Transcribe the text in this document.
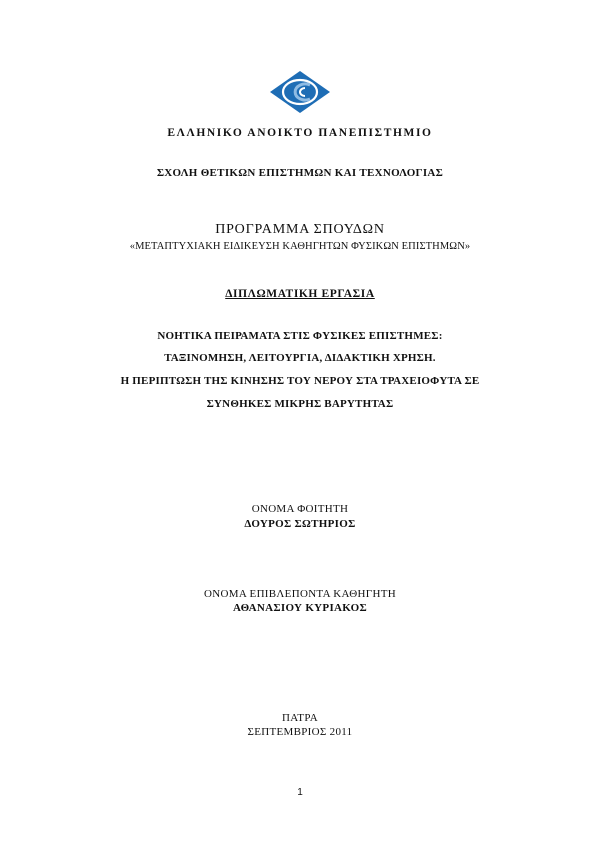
ΕΛΛΗΝΙΚΟ ΑΝΟΙΚΤΟ ΠΑΝΕΠΙΣΤΗΜΙΟ
ΣΧΟΛΗ ΘΕΤΙΚΩΝ ΕΠΙΣΤΗΜΩΝ ΚΑΙ ΤΕΧΝΟΛΟΓΙΑΣ
ΠΡΟΓΡΑΜΜΑ ΣΠΟΥΔΩΝ
«ΜΕΤΑΠΤΥΧΙΑΚΗ ΕΙΔΙΚΕΥΣΗ ΚΑΘΗΓΗΤΩΝ ΦΥΣΙΚΩΝ ΕΠΙΣΤΗΜΩΝ»
ΔΙΠΛΩΜΑΤΙΚΗ ΕΡΓΑΣΙΑ
ΝΟΗΤΙΚΑ ΠΕΙΡΑΜΑΤΑ ΣΤΙΣ ΦΥΣΙΚΕΣ ΕΠΙΣΤΗΜΕΣ:
ΤΑΞΙΝΟΜΗΣΗ, ΛΕΙΤΟΥΡΓΙΑ, ΔΙΔΑΚΤΙΚΗ ΧΡΗΣΗ.
Η ΠΕΡΙΠΤΩΣΗ ΤΗΣ ΚΙΝΗΣΗΣ ΤΟΥ ΝΕΡΟΥ ΣΤΑ ΤΡΑΧΕΙΟΦΥΤΑ ΣΕ
ΣΥΝΘΗΚΕΣ ΜΙΚΡΗΣ ΒΑΡΥΤΗΤΑΣ
ΟΝΟΜΑ ΦΟΙΤΗΤΗ
ΔΟΥΡΟΣ ΣΩΤΗΡΙΟΣ
ΟΝΟΜΑ ΕΠΙΒΛΕΠΟΝΤΑ ΚΑΘΗΓΗΤΗ
ΑΘΑΝΑΣΙΟΥ ΚΥΡΙΑΚΟΣ
ΠΑΤΡΑ
ΣΕΠΤΕΜΒΡΙΟΣ 2011
1
